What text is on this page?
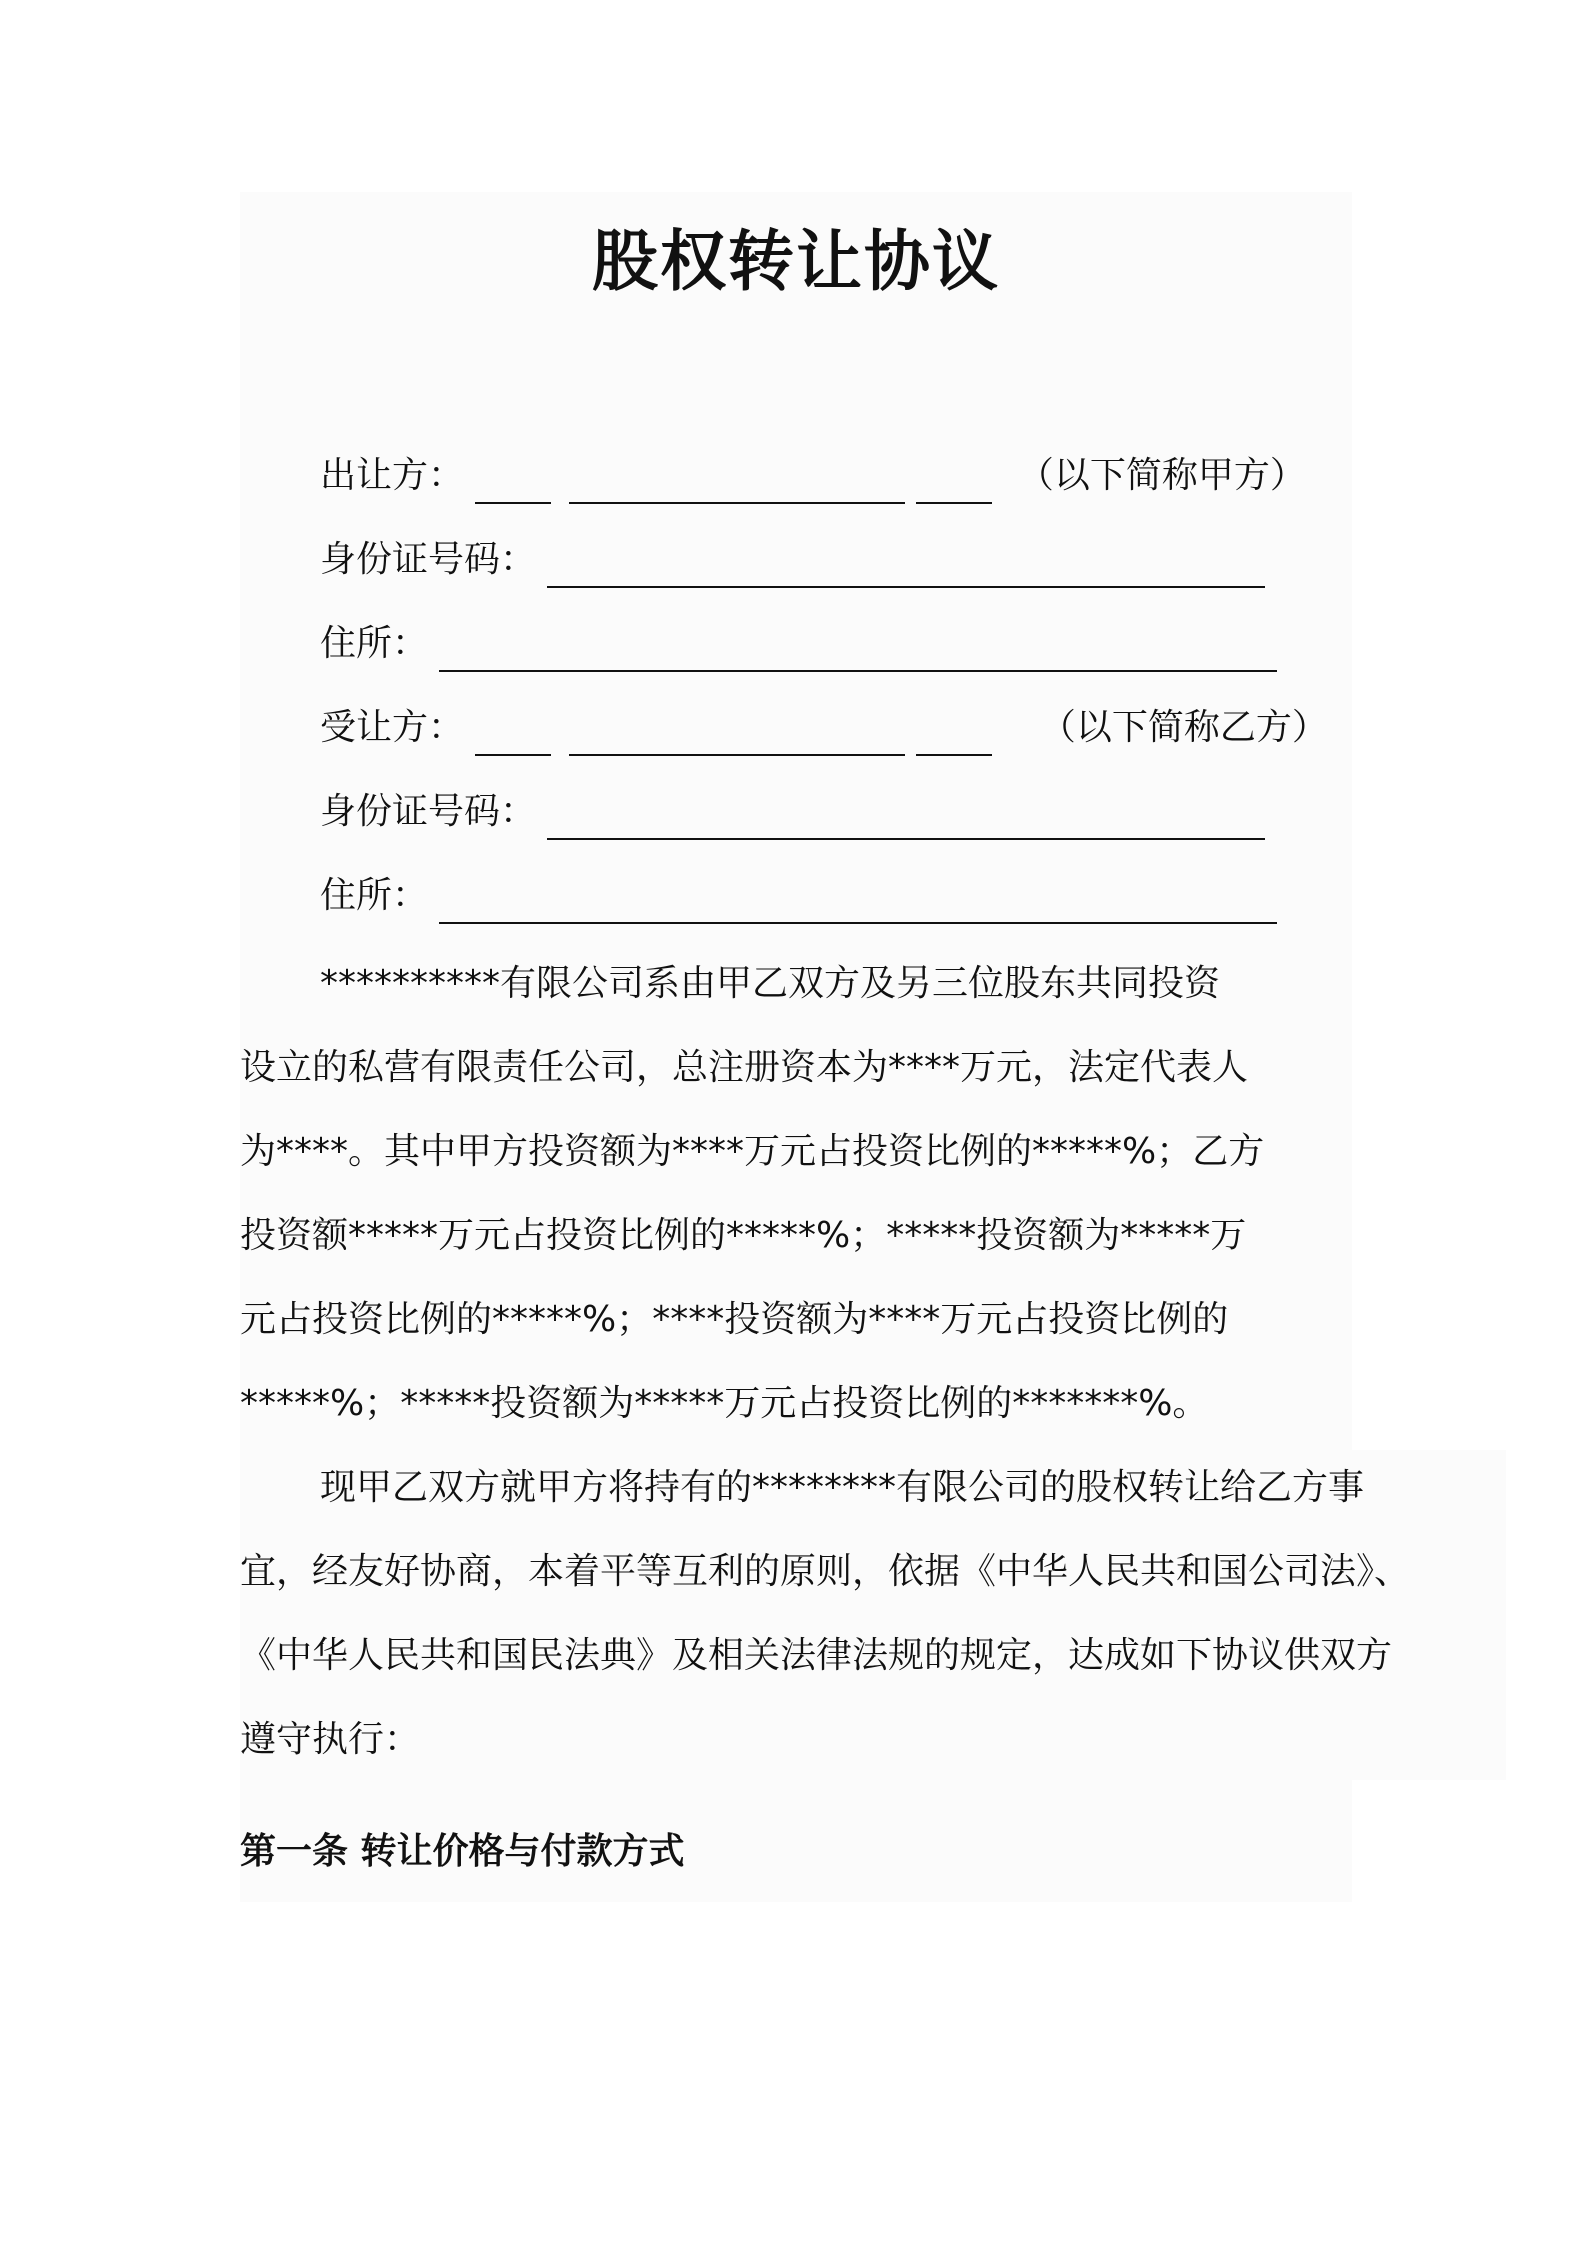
股权转让协议
出让方：	（以下简称甲方）
身份证号码：
住所：
受让方：	（以下简称乙方）
身份证号码：
住所：
**********有限公司系由甲乙双方及另三位股东共同投资
设立的私营有限责任公司，总注册资本为****万元，法定代表人
为****。其中甲方投资额为****万元占投资比例的*****%；乙方
投资额*****万元占投资比例的*****%；*****投资额为*****万
元占投资比例的*****%；****投资额为****万元占投资比例的
*****%；*****投资额为*****万元占投资比例的*******%。
现甲乙双方就甲方将持有的********有限公司的股权转让给乙方事
宜，经友好协商，本着平等互利的原则，依据《中华人民共和国公司法》、
《中华人民共和国民法典》及相关法律法规的规定，达成如下协议供双方
遵守执行：
第一条 转让价格与付款方式
